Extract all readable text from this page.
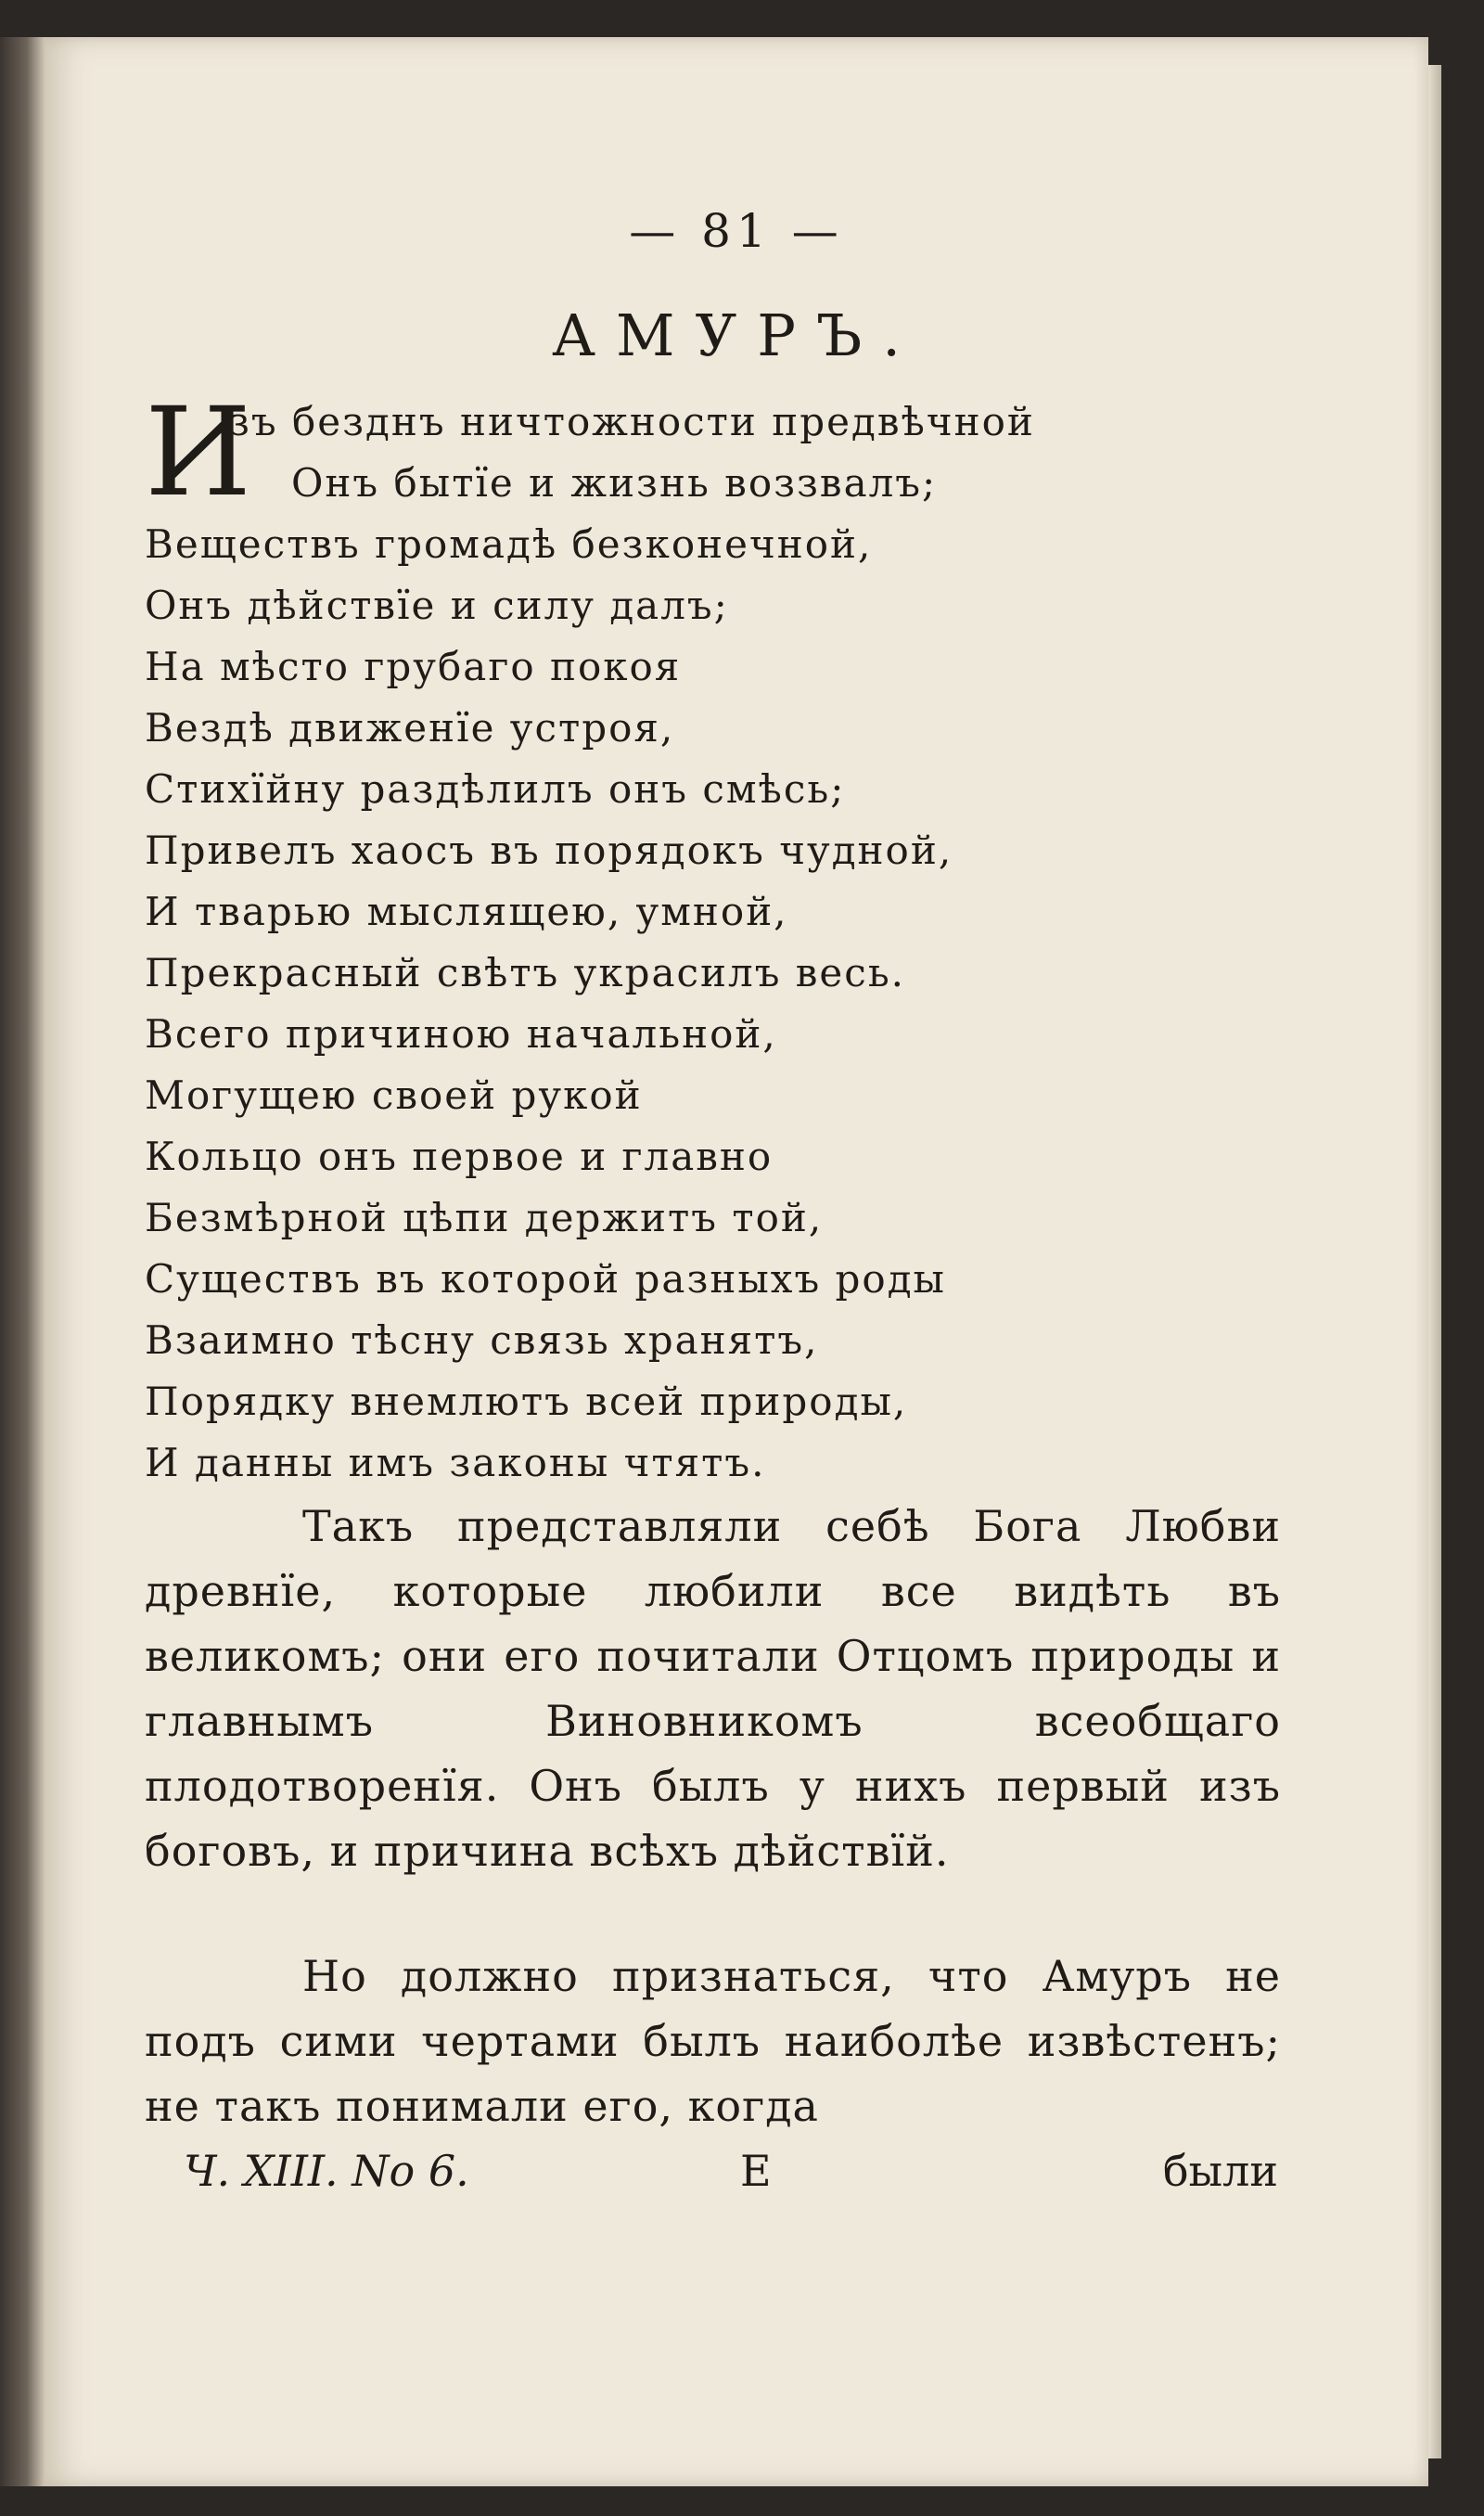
— 81 —
АМУРЪ.
И
зъ безднъ ничтожности предвѣчной
Онъ бытїе и жизнь воззвалъ;
Веществъ громадѣ безконечной,
Онъ дѣйствїе и силу далъ;
На мѣсто грубаго покоя
Вездѣ движенїе устроя,
Стихїйну раздѣлилъ онъ смѣсь;
Привелъ хаосъ въ порядокъ чудной,
И тварью мыслящею, умной,
Прекрасный свѣтъ украсилъ весь.
Всего причиною начальной,
Могущею своей рукой
Кольцо онъ первое и главно
Безмѣрной цѣпи держитъ той,
Существъ въ которой разныхъ роды
Взаимно тѣсну связь хранятъ,
Порядку внемлютъ всей природы,
И данны имъ законы чтятъ.
Такъ представляли себѣ Бога Любви древнїе, которые любили все видѣть въ великомъ; они его почитали Отцомъ природы и главнымъ Виновникомъ всеобщаго плодотворенїя. Онъ былъ у нихъ первый изъ боговъ, и причина всѣхъ дѣйствїй.
Но должно признаться, что Амуръ не подъ сими чертами былъ наиболѣе извѣстенъ; не такъ понимали его, когда
Ч. XIII. No 6.	E	были
